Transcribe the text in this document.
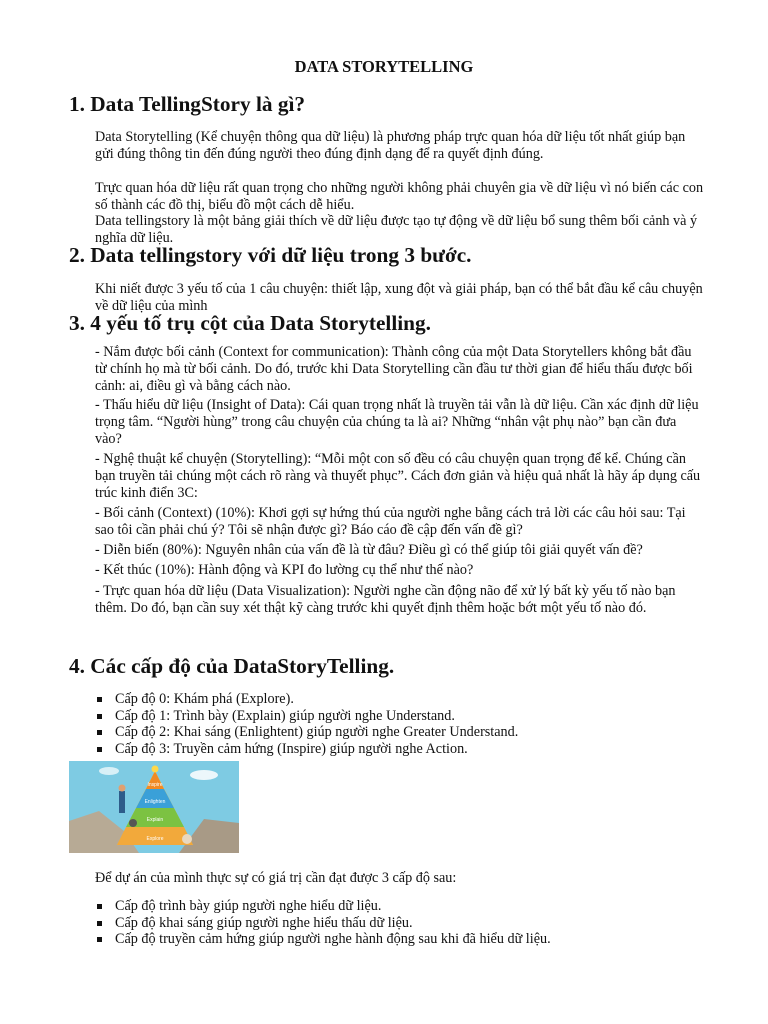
DATA STORYTELLING
1. Data TellingStory là gì?

Data Storytelling (Kể chuyện thông qua dữ liệu) là phương pháp trực quan hóa dữ liệu tốt nhất giúp bạn gửi đúng thông tin đến đúng người theo đúng định dạng để ra quyết định đúng.

Trực quan hóa dữ liệu rất quan trọng cho những người không phải chuyên gia về dữ liệu vì nó biến các con số thành các đồ thị, biểu đồ một cách dễ hiểu.

Data tellingstory là một bảng giải thích về dữ liệu được tạo tự động về dữ liệu bổ sung thêm bối cảnh và ý nghĩa dữ liệu.

2. Data tellingstory với dữ liệu trong 3 bước.

Khi niết được 3 yếu tố của 1 câu chuyện: thiết lập, xung đột và giải pháp, bạn có thể bắt đầu kể câu chuyện về dữ liệu của mình

3. 4 yếu tố trụ cột của Data Storytelling.

- Nắm được bối cảnh (Context for communication): Thành công của một Data Storytellers không bắt đầu từ chính họ mà từ bối cảnh. Do đó, trước khi Data Storytelling cần đầu tư thời gian để hiểu thấu được bối cảnh: ai, điều gì và bằng cách nào.

- Thấu hiểu dữ liệu (Insight of Data): Cái quan trọng nhất là truyền tải vẫn là dữ liệu. Cần xác định dữ liệu trọng tâm. “Người hùng” trong câu chuyện của chúng ta là ai? Những “nhân vật phụ nào” bạn cần đưa vào?

- Nghệ thuật kể chuyện (Storytelling): “Mỗi một con số đều có câu chuyện quan trọng để kể. Chúng cần bạn truyền tải chúng một cách rõ ràng và thuyết phục”. Cách đơn giản và hiệu quả nhất là hãy áp dụng cấu trúc kinh điển 3C:

- Bối cảnh (Context) (10%): Khơi gợi sự hứng thú của người nghe bằng cách trả lời các câu hỏi sau: Tại sao tôi cần phải chú ý? Tôi sẽ nhận được gì? Báo cáo đề cập đến vấn đề gì?

- Diễn biến (80%): Nguyên nhân của vấn đề là từ đâu? Điều gì có thể giúp tôi giải quyết vấn đề?

- Kết thúc (10%): Hành động và KPI đo lường cụ thể như thế nào?

- Trực quan hóa dữ liệu (Data Visualization): Người nghe cần động não để xử lý bất kỳ yếu tố nào bạn thêm. Do đó, bạn cần suy xét thật kỹ càng trước khi quyết định thêm hoặc bớt một yếu tố nào đó.

4. Các cấp độ của DataStoryTelling.
Cấp độ 0: Khám phá (Explore).
Cấp độ 1: Trình bày (Explain) giúp người nghe Understand.
Cấp độ 2: Khai sáng (Enlightent) giúp người nghe Greater Understand.
Cấp độ 3: Truyền cảm hứng (Inspire) giúp người nghe Action.
Inspire
Enlighten
Explain
Explore

Để dự án của mình thực sự có giá trị cần đạt được 3 cấp độ sau:

Cấp độ trình bày giúp người nghe hiểu dữ liệu.
Cấp độ khai sáng giúp người nghe hiểu thấu dữ liệu.
Cấp độ truyền cảm hứng giúp người nghe hành động sau khi đã hiểu dữ liệu.
